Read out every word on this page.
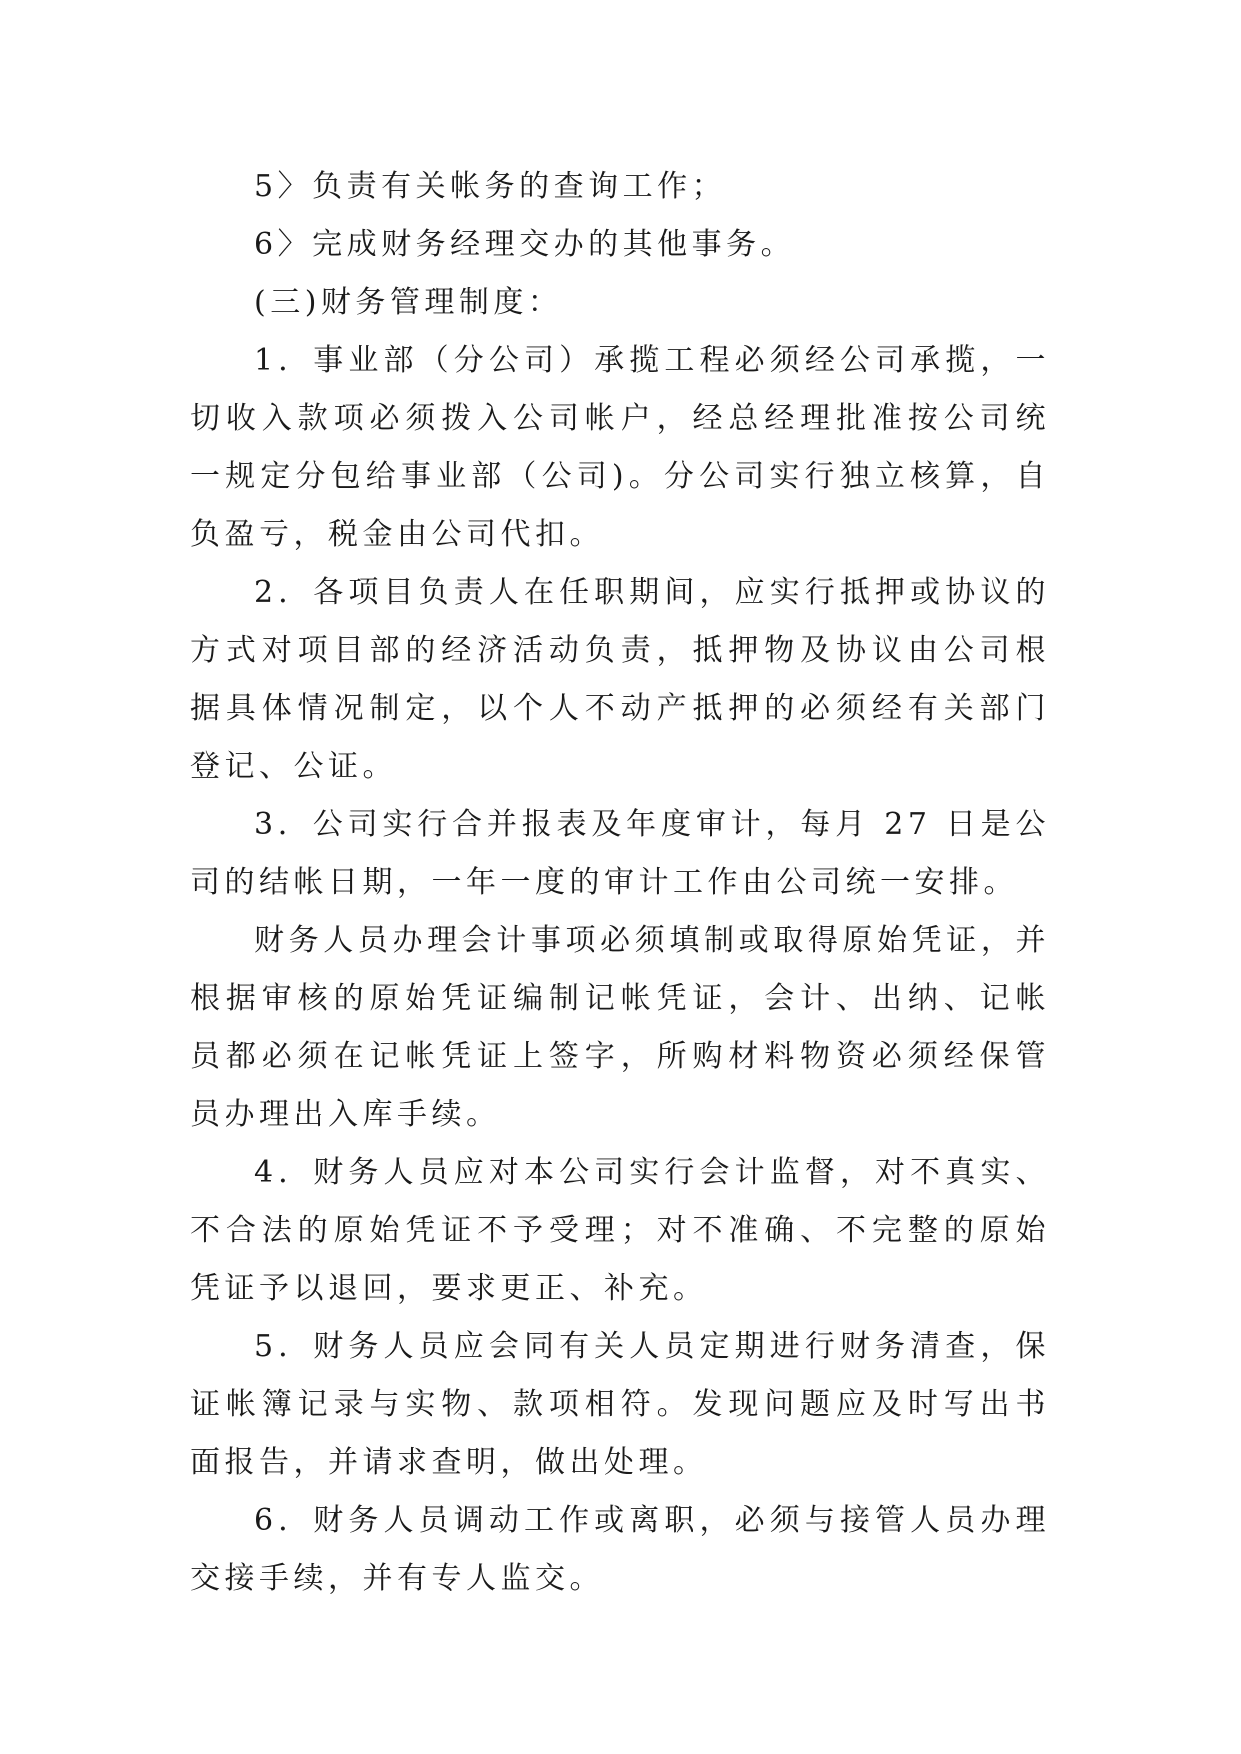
5〉负责有关帐务的查询工作；

6〉完成财务经理交办的其他事务。

(三)财务管理制度：

1．事业部（分公司）承揽工程必须经公司承揽，一切收入款项必须拨入公司帐户，经总经理批准按公司统一规定分包给事业部（公司)。分公司实行独立核算，自负盈亏，税金由公司代扣。

2．各项目负责人在任职期间，应实行抵押或协议的方式对项目部的经济活动负责，抵押物及协议由公司根据具体情况制定，以个人不动产抵押的必须经有关部门登记、公证。

3．公司实行合并报表及年度审计，每月 27 日是公司的结帐日期，一年一度的审计工作由公司统一安排。

财务人员办理会计事项必须填制或取得原始凭证，并根据审核的原始凭证编制记帐凭证，会计、出纳、记帐员都必须在记帐凭证上签字，所购材料物资必须经保管员办理出入库手续。

4．财务人员应对本公司实行会计监督，对不真实、不合法的原始凭证不予受理；对不准确、不完整的原始凭证予以退回，要求更正、补充。

5．财务人员应会同有关人员定期进行财务清查，保证帐簿记录与实物、款项相符。发现问题应及时写出书面报告，并请求查明，做出处理。

6．财务人员调动工作或离职，必须与接管人员办理交接手续，并有专人监交。
